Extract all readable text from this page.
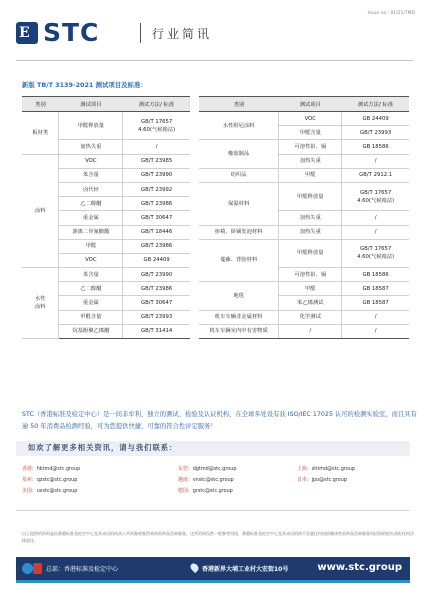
Issue no.: 91/21/TMD
E STC	行业简讯
新版 TB/T 3139-2021 测试项目及标准：
类别	测试项目	测试方法/ 标准
板材类	甲醛释放量	GB/T 17657
4.60(气候箱法)
	加热失重	/
涂料	VOC	GB/T 23985
	苯含量	GB/T 23990
	卤代烃	GB/T 23992
	乙二醇醚	GB/T 23986
	重金属	GB/T 30647
	游离二异氰酸酯	GB/T 18446
	甲醛	GB/T 23986
	VOC	GB 24409
水性
涂料	苯含量	GB/T 23990
	乙二醇醚	GB/T 23986
	重金属	GB/T 30647
	甲醛含量	GB/T 23993
	烷基酚聚乙烯醚	GB/T 31414
类别	测试项目	测试方法/ 标准
水性阻尼涂料	VOC	GB 24409
	甲醛含量	GB/T 23993
橡胶制品	可溶性铅、镉	GB 18586
	加热失重	/
纺织品	甲醛	GB/T 2912.1
保温材料	甲醛释放量	GB/T 17657
4.60(气候箱法)
	加热失重	/
座椅、卧铺发泡材料	加热失重	/
蔓藤、背胶材料	甲醛释放量	GB/T 17657
4.60(气候箱法)
	可溶性铅、镉	GB 18586
地毯	甲醛	GB 18587
	苯乙烯测试	GB 18587
机车车辆非金属材料	化学测试	/
机车车辆室内中有害物质	/	/
STC（香港标准及检定中心）是一间非牟利、独立的测试、检验及认证机构，在全球多处设有获 ISO/IEC 17025 认可的检测实验室，而且具有逾 50 年消费品检测经验，可为您提供快捷、可靠的符合性评定服务！
如欢了解更多相关资讯，请与我们联系：
香港：hktmd@stc.group	东莞：dgtmd@stc.group	上海：shtmd@stc.group
泉州：qzstc@stc.group	越南：vnstc@stc.group	日本：jpo@stc.group
美国：usstc@stc.group	德国：grstc@stc.group
以上提供的资料是由香港标准及检定中心及其成员机构从公共资源收集得来的资料及咨询服务，这些资料仅供一般参考用途，香港标准及检定中心及其成员机构不会就任何因依赖该些资料及咨询服务而招致的损失承担任何法律责任。
总部：香港标准及检定中心	香港新界大埔工业村大宏街10号	www.stc.group
